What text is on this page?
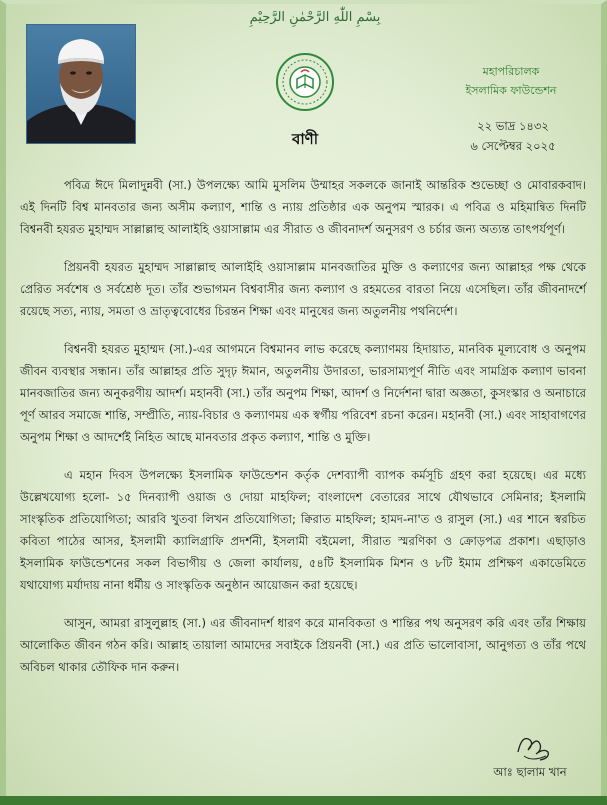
بِسْمِ اللّٰهِ الرَّحْمٰنِ الرَّحِيْمِ
মহাপরিচালক
ইসলামিক ফাউন্ডেশন
২২ ভাদ্র ১৪৩২
৬ সেপ্টেম্বর ২০২৫
বাণী

পবিত্র ঈদে মিলাদুন্নবী (সা.) উপলক্ষ্যে আমি মুসলিম উম্মাহর সকলকে জানাই আন্তরিক শুভেচ্ছা ও মোবারকবাদ। এই দিনটি বিশ্ব মানবতার জন্য অসীম কল্যাণ, শান্তি ও ন্যায় প্রতিষ্ঠার এক অনুপম স্মারক। এ পবিত্র ও মহিমান্বিত দিনটি বিশ্বনবী হযরত মুহাম্মদ সাল্লাল্লাহু আলাইহি ওয়াসাল্লাম এর সীরাত ও জীবনাদর্শ অনুসরণ ও চর্চার জন্য অত্যন্ত তাৎপর্যপূর্ণ।

প্রিয়নবী হযরত মুহাম্মদ সাল্লাল্লাহু আলাইহি ওয়াসাল্লাম মানবজাতির মুক্তি ও কল্যাণের জন্য আল্লাহর পক্ষ থেকে প্রেরিত সর্বশেষ ও সর্বশ্রেষ্ঠ দূত। তাঁর শুভাগমন বিশ্ববাসীর জন্য কল্যাণ ও রহমতের বারতা নিয়ে এসেছিল। তাঁর জীবনাদর্শে রয়েছে সত্য, ন্যায়, সমতা ও ভ্রাতৃত্ববোধের চিরন্তন শিক্ষা এবং মানুষের জন্য অতুলনীয় পথনির্দেশ।

বিশ্বনবী হযরত মুহাম্মদ (সা.)-এর আগমনে বিশ্বমানব লাভ করেছে কল্যাণময় হিদায়াত, মানবিক মূল্যবোধ ও অনুপম জীবন ব্যবস্থার সন্ধান। তাঁর আল্লাহর প্রতি সুদৃঢ় ঈমান, অতুলনীয় উদারতা, ভারসাম্যপূর্ণ নীতি এবং সামগ্রিক কল্যাণ ভাবনা মানবজাতির জন্য অনুকরণীয় আদর্শ। মহানবী (সা.) তাঁর অনুপম শিক্ষা, আদর্শ ও নির্দেশনা দ্বারা অজ্ঞতা, কুসংস্কার ও অনাচারে পূর্ণ আরব সমাজে শান্তি, সম্প্রীতি, ন্যায়-বিচার ও কল্যাণময় এক স্বর্গীয় পরিবেশ রচনা করেন। মহানবী (সা.) এবং সাহাবাগণের অনুপম শিক্ষা ও আদর্শেই নিহিত আছে মানবতার প্রকৃত কল্যাণ, শান্তি ও মুক্তি।

এ মহান দিবস উপলক্ষ্যে ইসলামিক ফাউন্ডেশন কর্তৃক দেশব্যাপী ব্যাপক কর্মসূচি গ্রহণ করা হয়েছে। এর মধ্যে উল্লেখযোগ্য হলো- ১৫ দিনব্যাপী ওয়াজ ও দোয়া মাহফিল; বাংলাদেশ বেতারের সাথে যৌথভাবে সেমিনার; ইসলামি সাংস্কৃতিক প্রতিযোগিতা; আরবি খুতবা লিখন প্রতিযোগিতা; ক্বিরাত মাহফিল; হামদ-না'ত ও রাসুল (সা.) এর শানে স্বরচিত কবিতা পাঠের আসর, ইসলামী ক্যালিগ্রাফি প্রদর্শনী, ইসলামী বইমেলা, সীরাত স্মরণিকা ও ক্রোড়পত্র প্রকাশ। এছাড়াও ইসলামিক ফাউন্ডেশনের সকল বিভাগীয় ও জেলা কার্যালয়, ৫৪টি ইসলামিক মিশন ও ৮টি ইমাম প্রশিক্ষণ একাডেমিতে যথাযোগ্য মর্যাদায় নানা ধর্মীয় ও সাংস্কৃতিক অনুষ্ঠান আয়োজন করা হয়েছে।

আসুন, আমরা রাসুলুল্লাহ (সা.) এর জীবনাদর্শ ধারণ করে মানবিকতা ও শান্তির পথ অনুসরণ করি এবং তাঁর শিক্ষায় আলোকিত জীবন গঠন করি। আল্লাহ তায়ালা আমাদের সবাইকে প্রিয়নবী (সা.) এর প্রতি ভালোবাসা, আনুগত্য ও তাঁর পথে অবিচল থাকার তৌফিক দান করুন।

আঃ ছালাম খান
